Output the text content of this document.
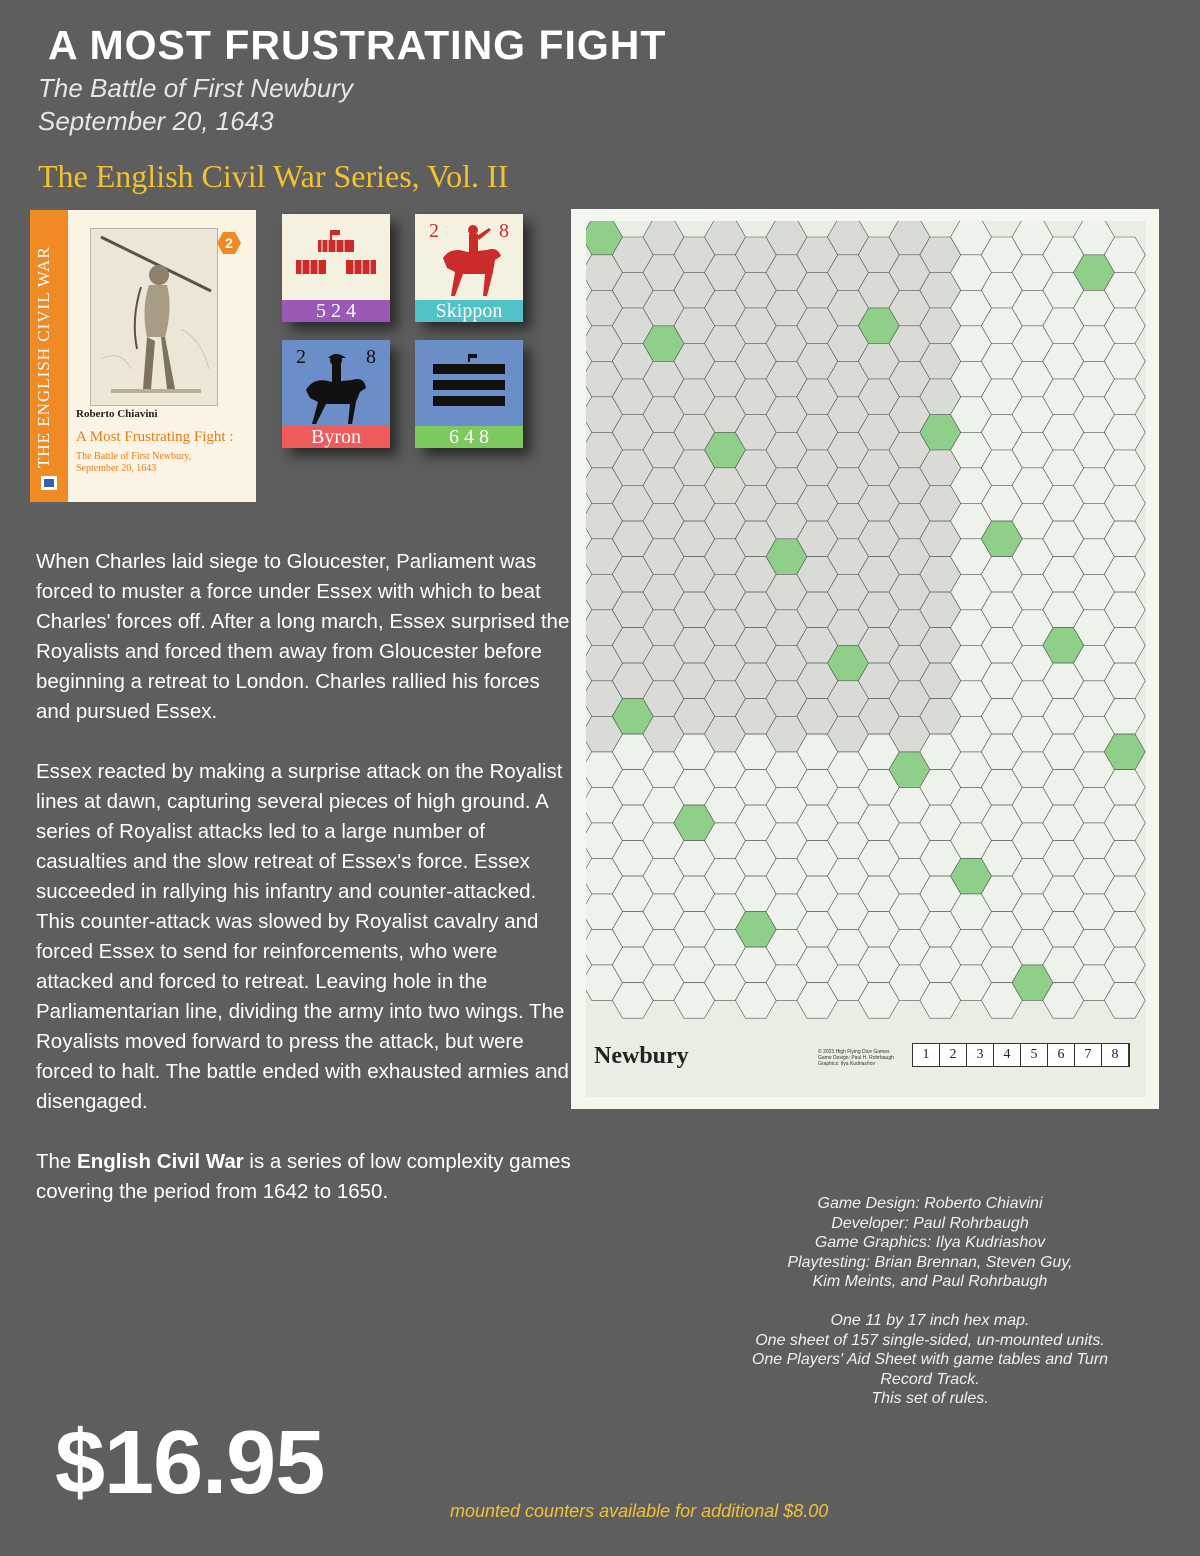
A MOST FRUSTRATING FIGHT
The Battle of First Newbury
September 20, 1643
The English Civil War Series, Vol. II
THE ENGLISH CIVIL WAR
2
Roberto Chiavini
A Most Frustrating Fight :
The Battle of First Newbury,
September 20, 1643
5 2 4
2	8
Skippon
2	8
Byron	6 4 8

When Charles laid siege to Gloucester, Parliament was forced to muster a force under Essex with which to beat Charles' forces off. After a long march, Essex surprised the Royalists and forced them away from Gloucester before beginning a retreat to London. Charles rallied his forces and pursued Essex.

Essex reacted by making a surprise attack on the Royalist lines at dawn, capturing several pieces of high ground. A series of Royalist attacks led to a large number of casualties and the slow retreat of Essex's force. Essex succeeded in rallying his infantry and counter-attacked. This counter-attack was slowed by Royalist cavalry and forced Essex to send for reinforcements, who were attacked and forced to retreat. Leaving hole in the Parliamentarian line, dividing the army into two wings. The Royalists moved forward to press the attack, but were forced to halt. The battle ended with exhausted armies and disengaged.

The English Civil War is a series of low complexity games covering the period from 1642 to 1650.

Newbury	© 2023 High Flying Dice Games
Game Design: Paul H. Rohrbaugh
Graphics: Ilya Kudriashov
1	2	3	4	5	6	7	8
Game Design: Roberto Chiavini
Developer: Paul Rohrbaugh
Game Graphics: Ilya Kudriashov
Playtesting: Brian Brennan, Steven Guy,
Kim Meints, and Paul Rohrbaugh
One 11 by 17 inch hex map.
One sheet of 157 single-sided, un-mounted units.
One Players' Aid Sheet with game tables and Turn
Record Track.
This set of rules.
$16.95	mounted counters available for additional $8.00
